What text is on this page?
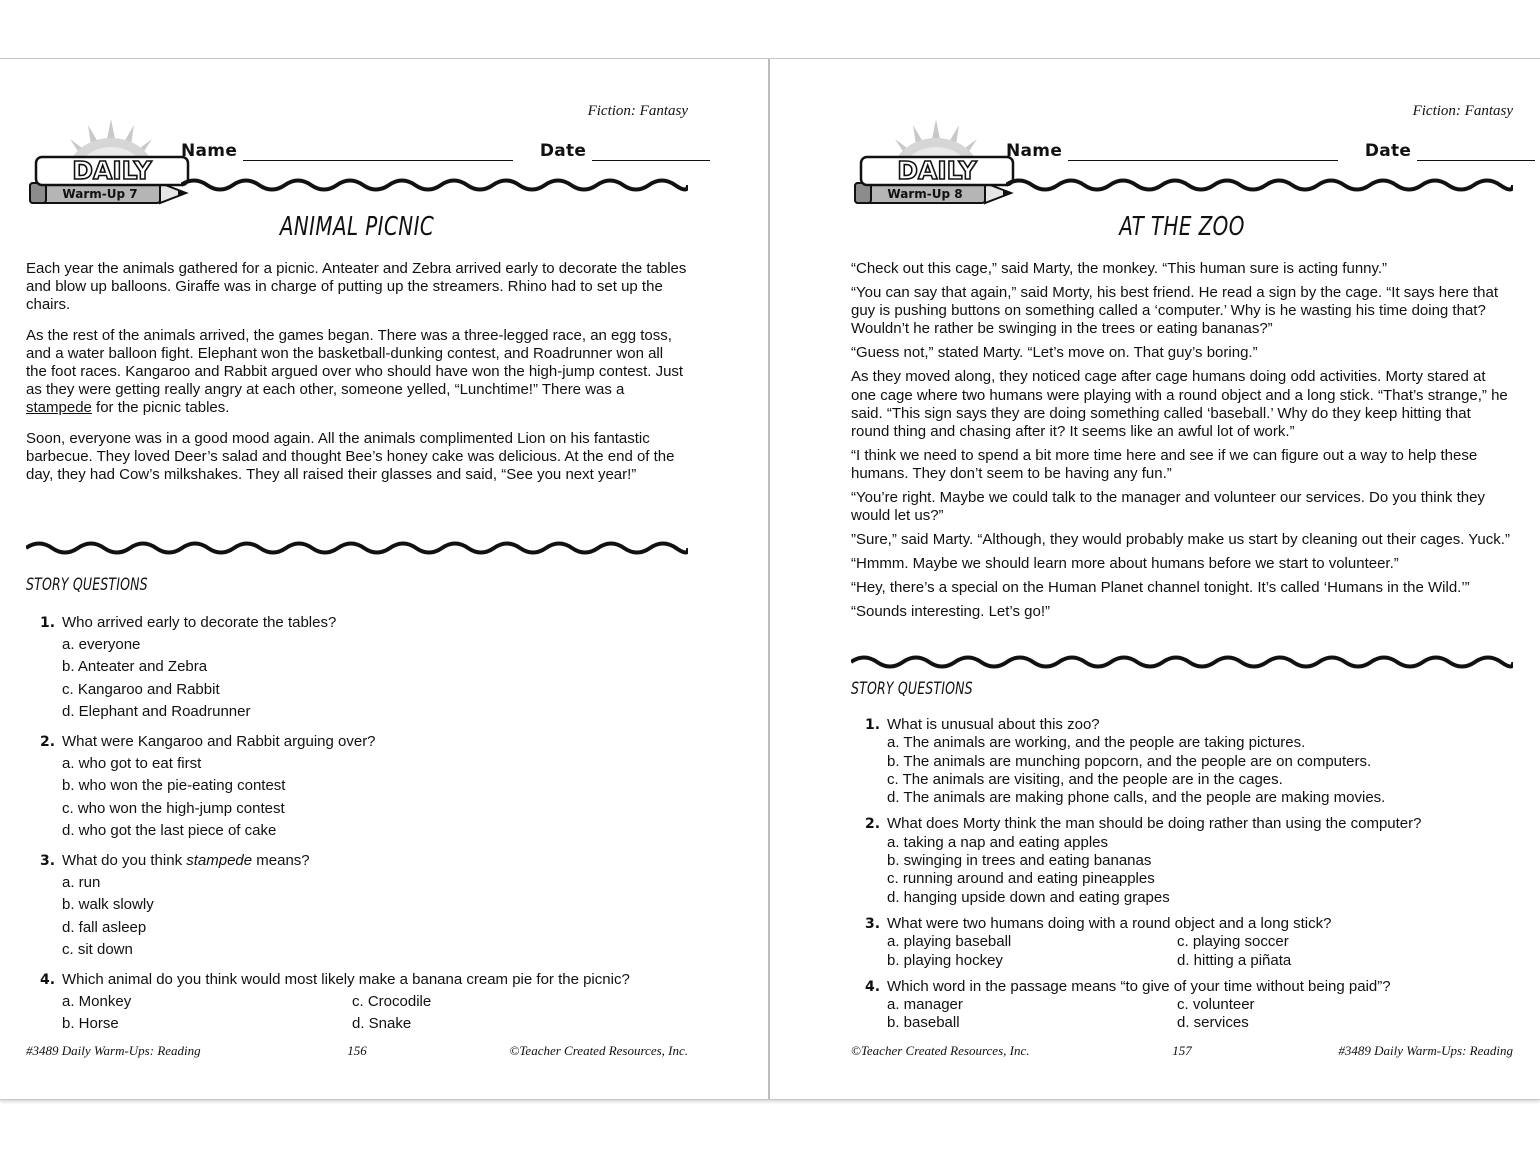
Fiction: Fantasy
DAILY
Warm-Up 7
Name	Date
ANIMAL PICNIC

Each year the animals gathered for a picnic. Anteater and Zebra arrived early to decorate the tables and blow up balloons. Giraffe was in charge of putting up the streamers. Rhino had to set up the chairs.

As the rest of the animals arrived, the games began. There was a three-legged race, an egg toss, and a water balloon fight. Elephant won the basketball-dunking contest, and Roadrunner won all the foot races. Kangaroo and Rabbit argued over who should have won the high-jump contest. Just as they were getting really angry at each other, someone yelled, “Lunchtime!” There was a stampede for the picnic tables.

Soon, everyone was in a good mood again. All the animals complimented Lion on his fantastic barbecue. They loved Deer’s salad and thought Bee’s honey cake was delicious. At the end of the day, they had Cow’s milkshakes. They all raised their glasses and said, “See you next year!”

STORY QUESTIONS
1. Who arrived early to decorate the tables?
a. everyone
b. Anteater and Zebra
c. Kangaroo and Rabbit
d. Elephant and Roadrunner
2. What were Kangaroo and Rabbit arguing over?
a. who got to eat first
b. who won the pie-eating contest
c. who won the high-jump contest
d. who got the last piece of cake
3. What do you think stampede means?
a. run
b. walk slowly
d. fall asleep
c. sit down
4. Which animal do you think would most likely make a banana cream pie for the picnic?
a. Monkey	c. Crocodile
b. Horse	d. Snake
#3489 Daily Warm-Ups: Reading	156	©Teacher Created Resources, Inc.
Fiction: Fantasy
DAILY
Warm-Up 8
Name	Date
AT THE ZOO

“Check out this cage,” said Marty, the monkey. “This human sure is acting funny.”

“You can say that again,” said Morty, his best friend. He read a sign by the cage. “It says here that guy is pushing buttons on something called a ‘computer.’ Why is he wasting his time doing that? Wouldn’t he rather be swinging in the trees or eating bananas?”

“Guess not,” stated Marty. “Let’s move on. That guy’s boring.”

As they moved along, they noticed cage after cage humans doing odd activities. Morty stared at one cage where two humans were playing with a round object and a long stick. “That’s strange,” he said. “This sign says they are doing something called ‘baseball.’ Why do they keep hitting that round thing and chasing after it? It seems like an awful lot of work.”

“I think we need to spend a bit more time here and see if we can figure out a way to help these humans. They don’t seem to be having any fun.”

“You’re right. Maybe we could talk to the manager and volunteer our services. Do you think they would let us?”

”Sure,” said Marty. “Although, they would probably make us start by cleaning out their cages. Yuck.”

“Hmmm. Maybe we should learn more about humans before we start to volunteer.”

“Hey, there’s a special on the Human Planet channel tonight. It’s called ‘Humans in the Wild.’”

“Sounds interesting. Let’s go!”

STORY QUESTIONS
1. What is unusual about this zoo?
a. The animals are working, and the people are taking pictures.
b. The animals are munching popcorn, and the people are on computers.
c. The animals are visiting, and the people are in the cages.
d. The animals are making phone calls, and the people are making movies.
2. What does Morty think the man should be doing rather than using the computer?
a. taking a nap and eating apples
b. swinging in trees and eating bananas
c. running around and eating pineapples
d. hanging upside down and eating grapes
3. What were two humans doing with a round object and a long stick?
a. playing baseball	c. playing soccer
b. playing hockey	d. hitting a piñata
4. Which word in the passage means “to give of your time without being paid”?
a. manager	c. volunteer
b. baseball	d. services
©Teacher Created Resources, Inc.	157	#3489 Daily Warm-Ups: Reading
